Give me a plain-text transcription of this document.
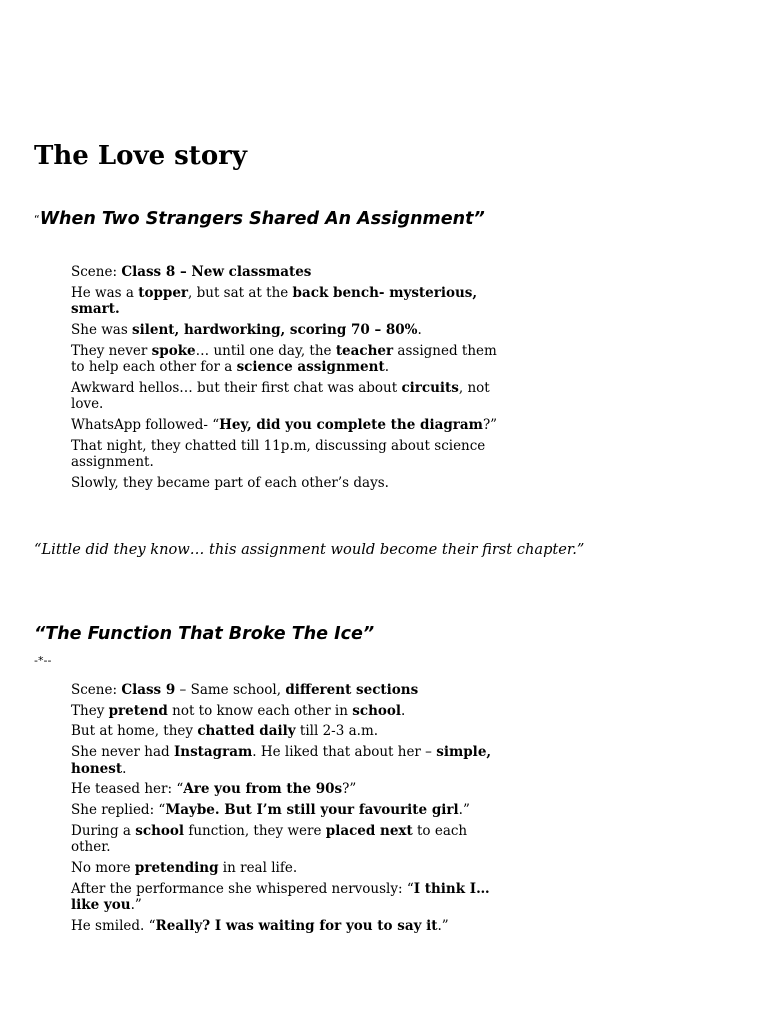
The Love story
“When Two Strangers Shared An Assignment”
Scene: Class 8 – New classmates
He was a topper, but sat at the back bench- mysterious, smart.
She was silent, hardworking, scoring 70 – 80%.
They never spoke… until one day, the teacher assigned them to help each other for a science assignment.
Awkward hellos… but their first chat was about circuits, not love.
WhatsApp followed- “Hey, did you complete the diagram?”
That night, they chatted till 11p.m, discussing about science assignment.
Slowly, they became part of each other’s days.
“Little did they know… this assignment would become their first chapter.”
“The Function That Broke The Ice”
-*--
Scene: Class 9 – Same school, different sections
They pretend not to know each other in school.
But at home, they chatted daily till 2-3 a.m.
She never had Instagram. He liked that about her – simple, honest.
He teased her: “Are you from the 90s?”
She replied: “Maybe. But I’m still your favourite girl.”
During a school function, they were placed next to each other.
No more pretending in real life.
After the performance she whispered nervously: “I think I… like you.”
He smiled. “Really? I was waiting for you to say it.”
